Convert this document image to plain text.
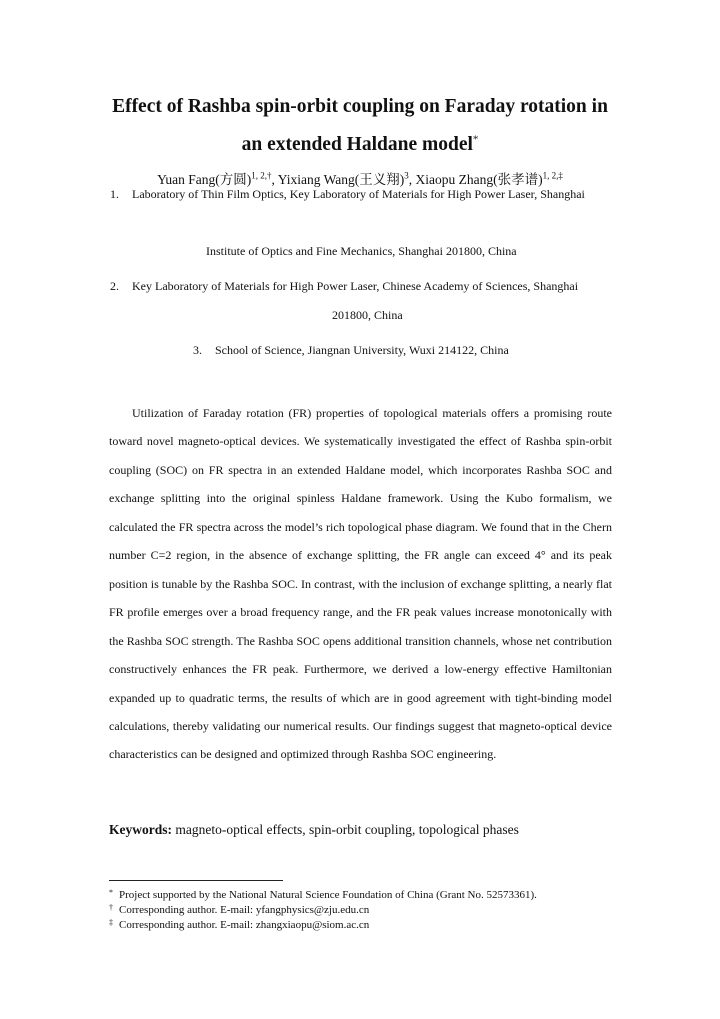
Effect of Rashba spin-orbit coupling on Faraday rotation in
an extended Haldane model*
Yuan Fang(方圆)$^{1, 2,\dagger}$, Yixiang Wang(王义翔)$^3$, Xiaopu Zhang(张孝谱)$^{1, 2,\ddagger}$
1. Laboratory of Thin Film Optics, Key Laboratory of Materials for High Power Laser, Shanghai
Institute of Optics and Fine Mechanics, Shanghai 201800, China
2. Key Laboratory of Materials for High Power Laser, Chinese Academy of Sciences, Shanghai
201800, China
3. School of Science, Jiangnan University, Wuxi 214122, China

Utilization of Faraday rotation (FR) properties of topological materials offers a promising route toward novel magneto-optical devices. We systematically investigated the effect of Rashba spin-orbit coupling (SOC) on FR spectra in an extended Haldane model, which incorporates Rashba SOC and exchange splitting into the original spinless Haldane framework. Using the Kubo formalism, we calculated the FR spectra across the model’s rich topological phase diagram. We found that in the Chern number C=2 region, in the absence of exchange splitting, the FR angle can exceed 4° and its peak position is tunable by the Rashba SOC. In contrast, with the inclusion of exchange splitting, a nearly flat FR profile emerges over a broad frequency range, and the FR peak values increase monotonically with the Rashba SOC strength. The Rashba SOC opens additional transition channels, whose net contribution constructively enhances the FR peak. Furthermore, we derived a low-energy effective Hamiltonian expanded up to quadratic terms, the results of which are in good agreement with tight-binding model calculations, thereby validating our numerical results. Our findings suggest that magneto-optical device characteristics can be designed and optimized through Rashba SOC engineering.

Keywords: magneto-optical effects, spin-orbit coupling, topological phases
* Project supported by the National Natural Science Foundation of China (Grant No. 52573361).
† Corresponding author. E-mail: yfangphysics@zju.edu.cn
‡ Corresponding author. E-mail: zhangxiaopu@siom.ac.cn
